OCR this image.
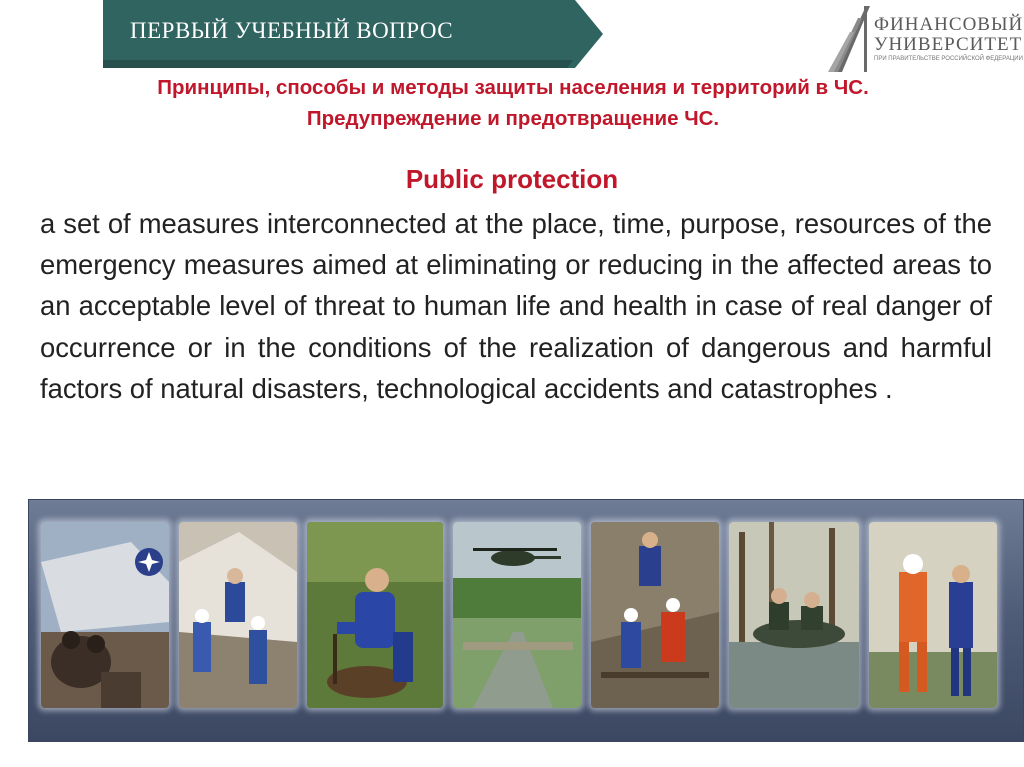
ПЕРВЫЙ УЧЕБНЫЙ ВОПРОС	ФИНАНСОВЫЙ
УНИВЕРСИТЕТ
ПРИ ПРАВИТЕЛЬСТВЕ РОССИЙСКОЙ ФЕДЕРАЦИИ
Принципы, способы и методы защиты населения и территорий в ЧС.
Предупреждение и предотвращение ЧС.
Public protection
a set of measures interconnected at the place, time, purpose, resources of the emergency measures aimed at eliminating or reducing in the affected areas to an acceptable level of threat to human life and health in case of real danger of occurrence or in the conditions of the realization of dangerous and harmful factors of natural disasters, technological accidents and catastrophes .
